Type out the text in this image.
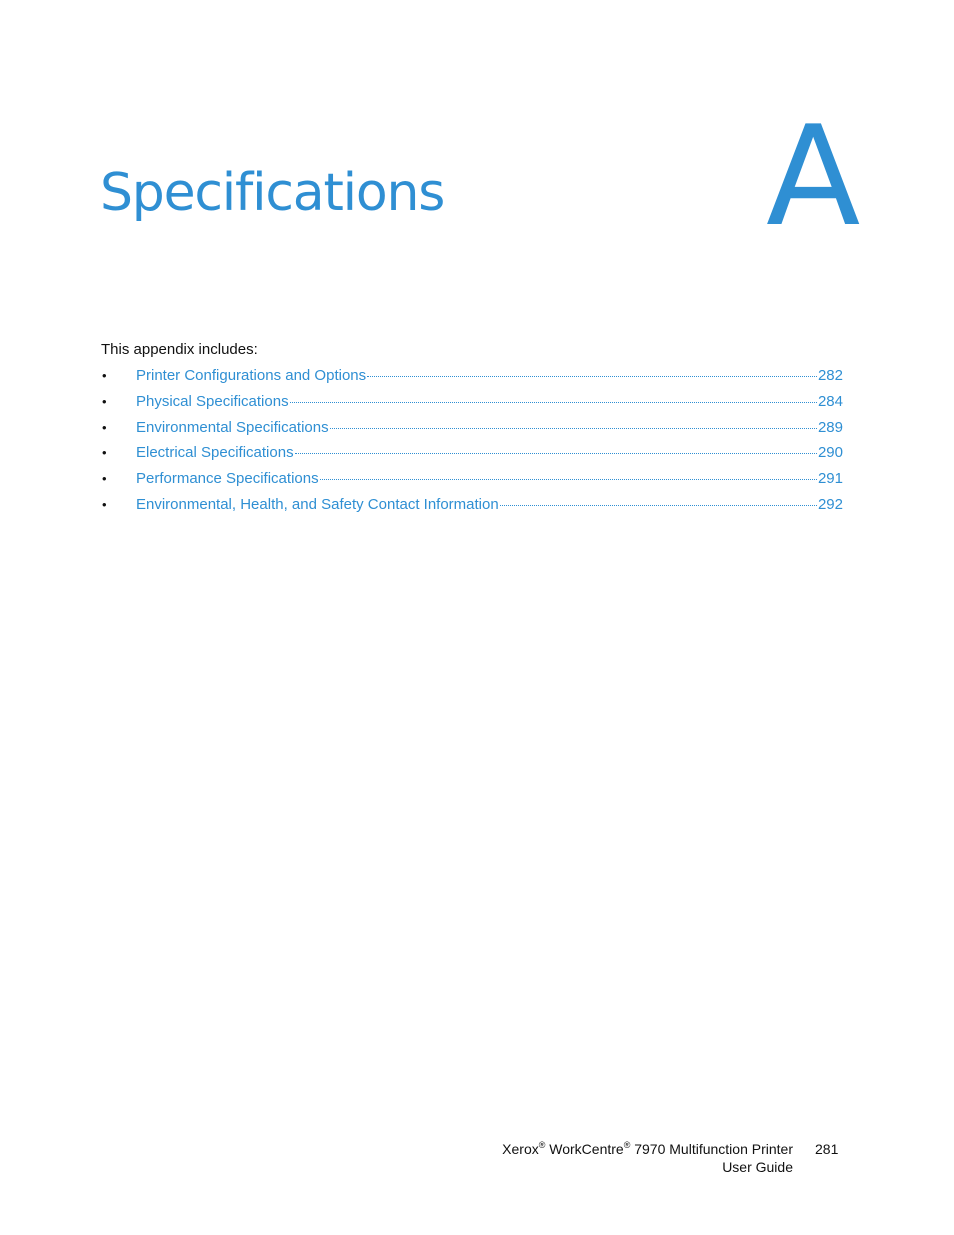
Specifications A

This appendix includes:

•	Printer Configurations and Options	282
•	Physical Specifications	284
•	Environmental Specifications	289
•	Electrical Specifications	290
•	Performance Specifications	291
•	Environmental, Health, and Safety Contact Information	292
Xerox® WorkCentre® 7970 Multifunction Printer
User Guide
281
